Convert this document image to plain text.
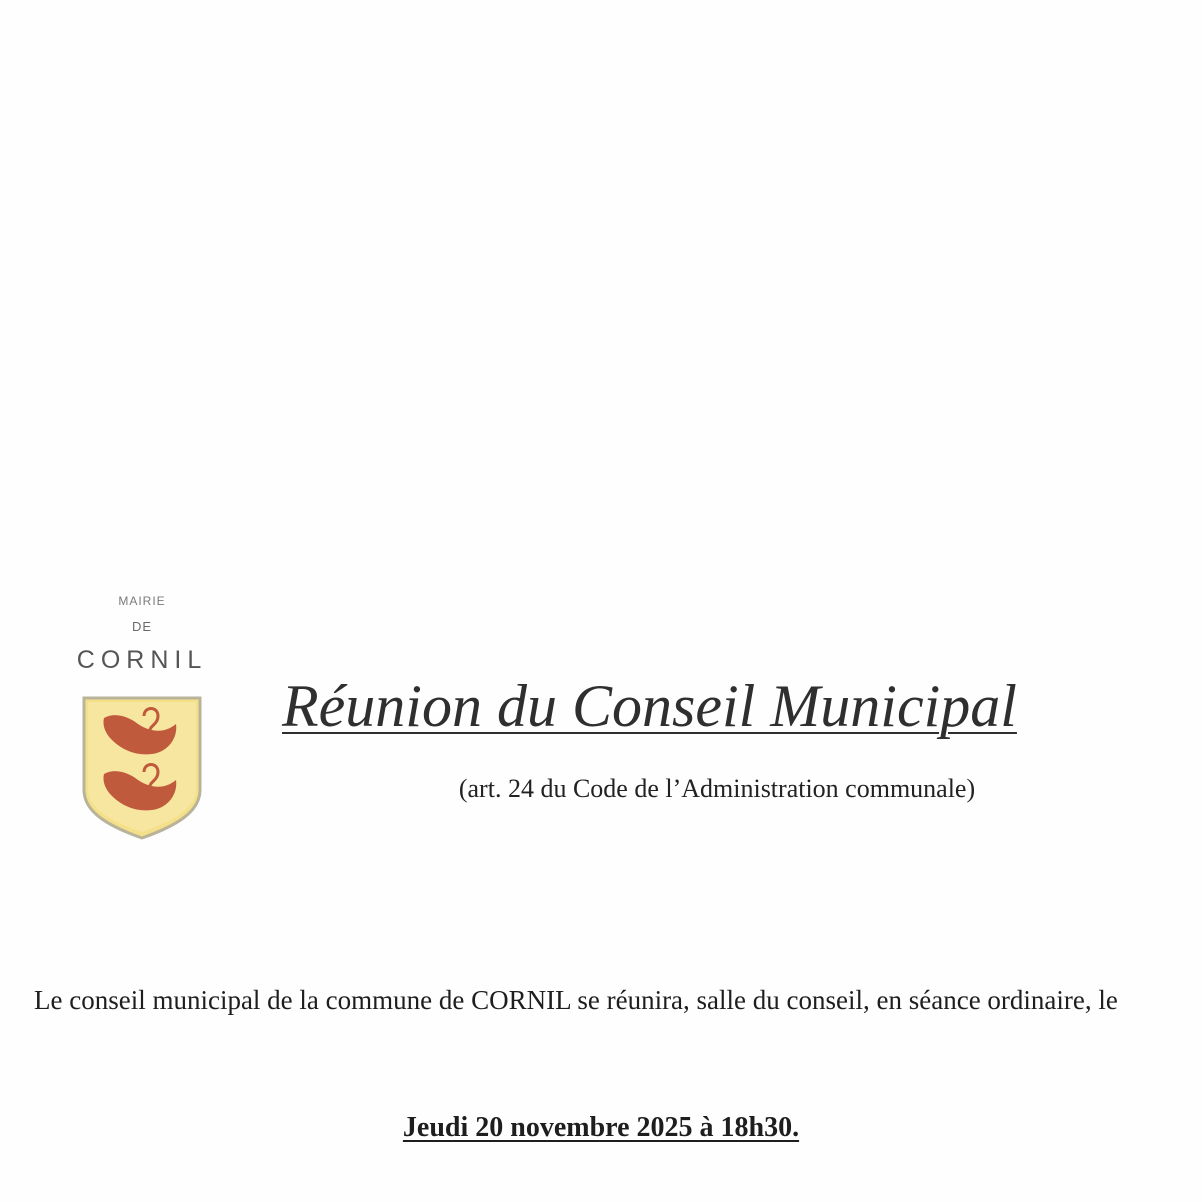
MAIRIE
DE
CORNIL
Réunion du Conseil Municipal
(art. 24 du Code de l’Administration communale)

Le conseil municipal de la commune de CORNIL se réunira, salle du conseil, en séance ordinaire, le

Jeudi 20 novembre 2025 à 18h30.
